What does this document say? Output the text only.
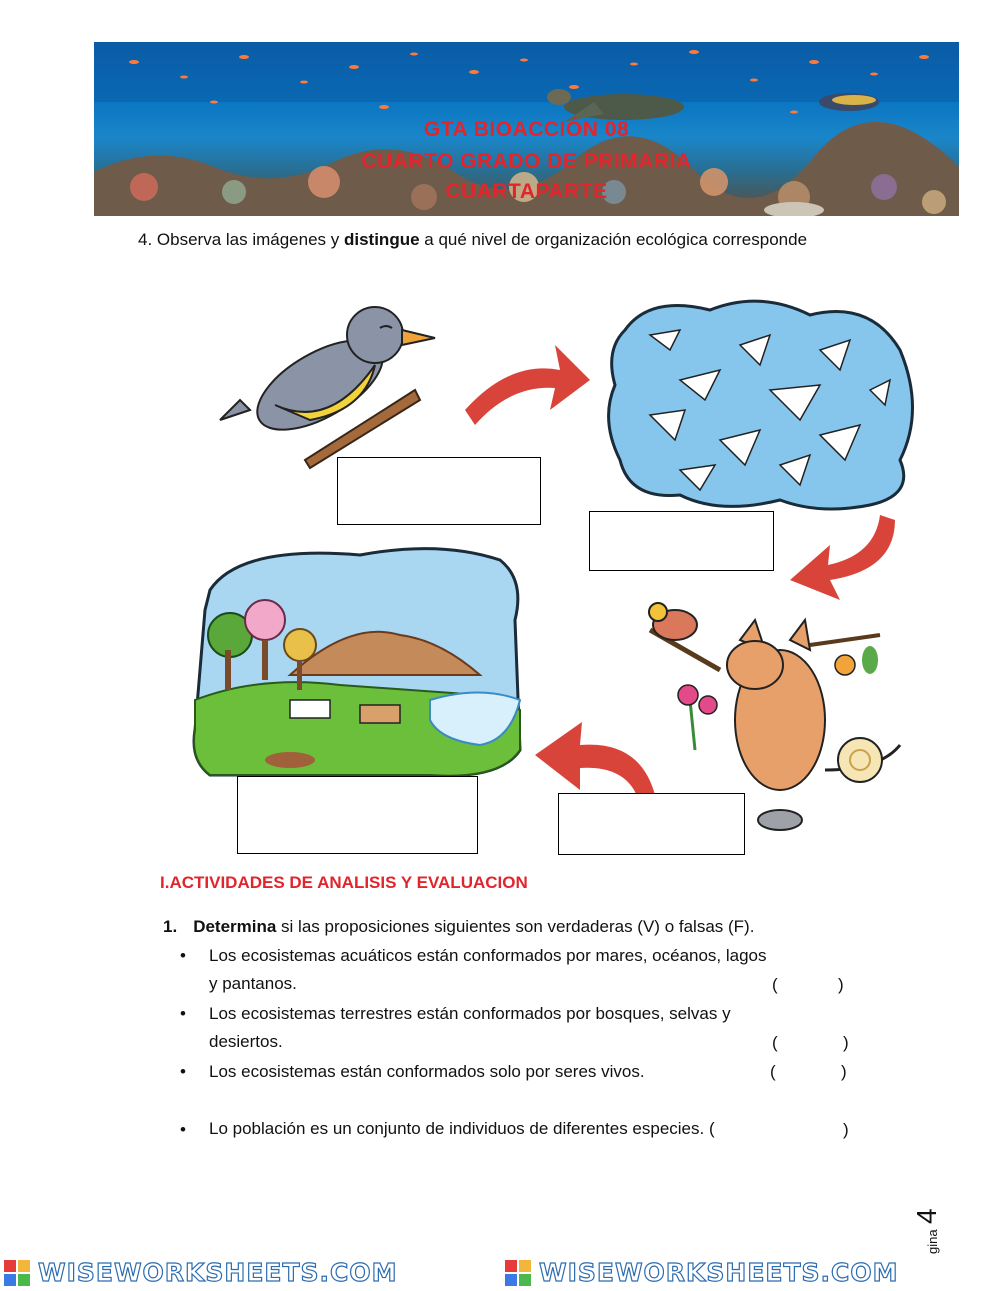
GTA BIOACCIÓN 08
CUARTO GRADO DE PRIMARIA
CUARTAPARTE
4. Observa las imágenes y distingue a qué nivel de organización ecológica corresponde
I.ACTIVIDADES DE ANALISIS Y EVALUACION
1. Determina si las proposiciones siguientes son verdaderas (V) o falsas (F).
• Los ecosistemas acuáticos están conformados por mares, océanos, lagos
y pantanos.	(	)
• Los ecosistemas terrestres están conformados por bosques, selvas y
desiertos.	(	)
• Los ecosistemas están conformados solo por seres vivos.	(	)
• Lo población es un conjunto de individuos de diferentes especies. (	)
gina
4
WISEWORKSHEETS.COM	WISEWORKSHEETS.COM
